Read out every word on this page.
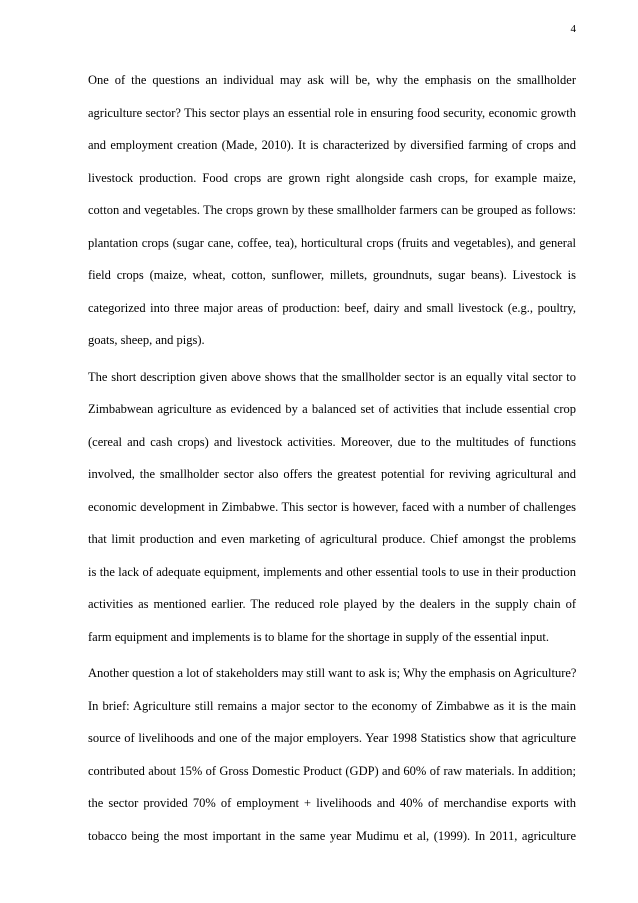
4

One of the questions an individual may ask will be, why the emphasis on the smallholder
agriculture sector? This sector plays an essential role in ensuring food security, economic growth
and employment creation (Made, 2010). It is characterized by diversified farming of crops and
livestock production. Food crops are grown right alongside cash crops, for example maize,
cotton and vegetables. The crops grown by these smallholder farmers can be grouped as follows:
plantation crops (sugar cane, coffee, tea), horticultural crops (fruits and vegetables), and general
field crops (maize, wheat, cotton, sunflower, millets, groundnuts, sugar beans). Livestock is
categorized into three major areas of production: beef, dairy and small livestock (e.g., poultry,
goats, sheep, and pigs).

The short description given above shows that the smallholder sector is an equally vital sector to
Zimbabwean agriculture as evidenced by a balanced set of activities that include essential crop
(cereal and cash crops) and livestock activities. Moreover, due to the multitudes of functions
involved, the smallholder sector also offers the greatest potential for reviving agricultural and
economic development in Zimbabwe. This sector is however, faced with a number of challenges
that limit production and even marketing of agricultural produce. Chief amongst the problems
is the lack of adequate equipment, implements and other essential tools to use in their production
activities as mentioned earlier. The reduced role played by the dealers in the supply chain of
farm equipment and implements is to blame for the shortage in supply of the essential input.

Another question a lot of stakeholders may still want to ask is; Why the emphasis on Agriculture?
In brief: Agriculture still remains a major sector to the economy of Zimbabwe as it is the main
source of livelihoods and one of the major employers. Year 1998 Statistics show that agriculture
contributed about 15% of Gross Domestic Product (GDP) and 60% of raw materials. In addition;
the sector provided 70% of employment + livelihoods and 40% of merchandise exports with
tobacco being the most important in the same year Mudimu et al, (1999). In 2011, agriculture
